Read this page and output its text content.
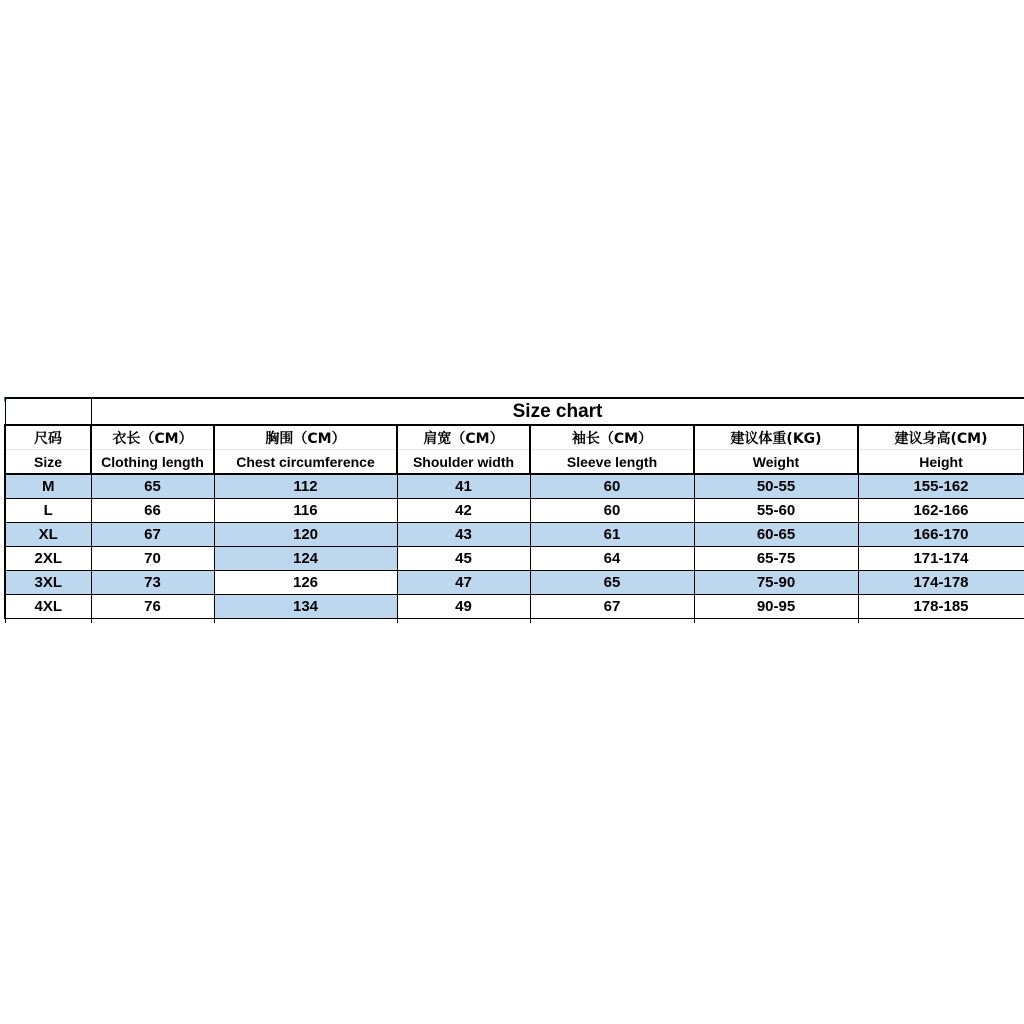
	Size chart						
尺码	衣长（CM）	胸围（CM）	肩宽（CM）	袖长（CM）	建议体重(KG)	建议身高(CM)	
Size	Clothing length	Chest circumference	Shoulder width	Sleeve length	Weight	Height	
M	65	112	41	60	50-55	155-162	
L	66	116	42	60	55-60	162-166	
XL	67	120	43	61	60-65	166-170	
2XL	70	124	45	64	65-75	171-174	
3XL	73	126	47	65	75-90	174-178	
4XL	76	134	49	67	90-95	178-185	
